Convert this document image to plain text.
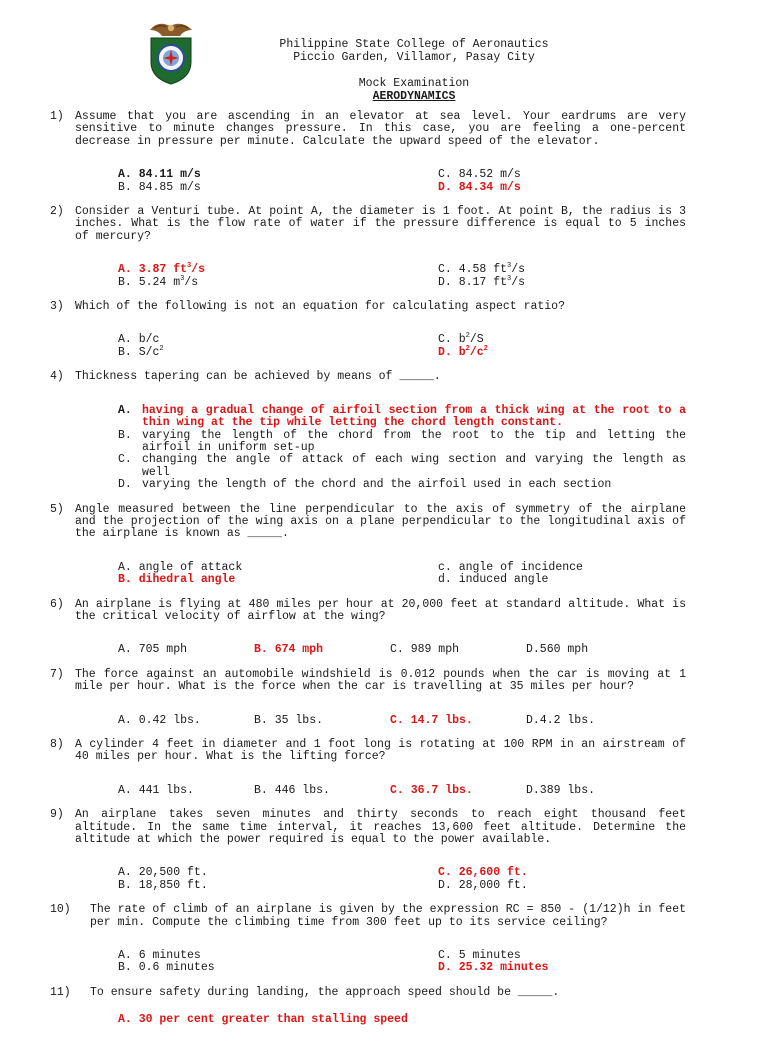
Philippine State College of Aeronautics
Piccio Garden, Villamor, Pasay City
Mock Examination
AERODYNAMICS
1) Assume that you are ascending in an elevator at sea level. Your eardrums are very sensitive to minute changes pressure. In this case, you are feeling a one-percent decrease in pressure per minute. Calculate the upward speed of the elevator.
A. 84.11 m/s	C. 84.52 m/s
B. 84.85 m/s	D. 84.34 m/s
2) Consider a Venturi tube. At point A, the diameter is 1 foot. At point B, the radius is 3 inches. What is the flow rate of water if the pressure difference is equal to 5 inches of mercury?
A. 3.87 $ft^3/s$	C. 4.58 $ft^3/s$
B. 5.24 $m^3/s$	D. 8.17 $ft^3/s$
3) Which of the following is not an equation for calculating aspect ratio?
A. b/c	C. $b^2/S$
B. $S/c^2$	D. $b^2/c^2$
4) Thickness tapering can be achieved by means of _____.
A. having a gradual change of airfoil section from a thick wing at the root to a thin wing at the tip while letting the chord length constant.
B. varying the length of the chord from the root to the tip and letting the airfoil in uniform set-up
C. changing the angle of attack of each wing section and varying the length as well
D. varying the length of the chord and the airfoil used in each section
5) Angle measured between the line perpendicular to the axis of symmetry of the airplane and the projection of the wing axis on a plane perpendicular to the longitudinal axis of the airplane is known as _____.
A. angle of attack	c. angle of incidence
B. dihedral angle	d. induced angle
6) An airplane is flying at 480 miles per hour at 20,000 feet at standard altitude. What is the critical velocity of airflow at the wing?
A. 705 mph	B. 674 mph	C. 989 mph	D.560 mph
7) The force against an automobile windshield is 0.012 pounds when the car is moving at 1 mile per hour. What is the force when the car is travelling at 35 miles per hour?
A. 0.42 lbs.	B. 35 lbs.	C. 14.7 lbs.	D.4.2 lbs.
8) A cylinder 4 feet in diameter and 1 foot long is rotating at 100 RPM in an airstream of 40 miles per hour. What is the lifting force?
A. 441 lbs.	B. 446 lbs.	C. 36.7 lbs.	D.389 lbs.
9) An airplane takes seven minutes and thirty seconds to reach eight thousand feet altitude. In the same time interval, it reaches 13,600 feet altitude. Determine the altitude at which the power required is equal to the power available.
A. 20,500 ft.	C. 26,600 ft.
B. 18,850 ft.	D. 28,000 ft.
10) The rate of climb of an airplane is given by the expression RC = 850 - (1/12)h in feet per min. Compute the climbing time from 300 feet up to its service ceiling?
A. 6 minutes	C. 5 minutes
B. 0.6 minutes	D. 25.32 minutes
11) To ensure safety during landing, the approach speed should be _____.
A. 30 per cent greater than stalling speed
